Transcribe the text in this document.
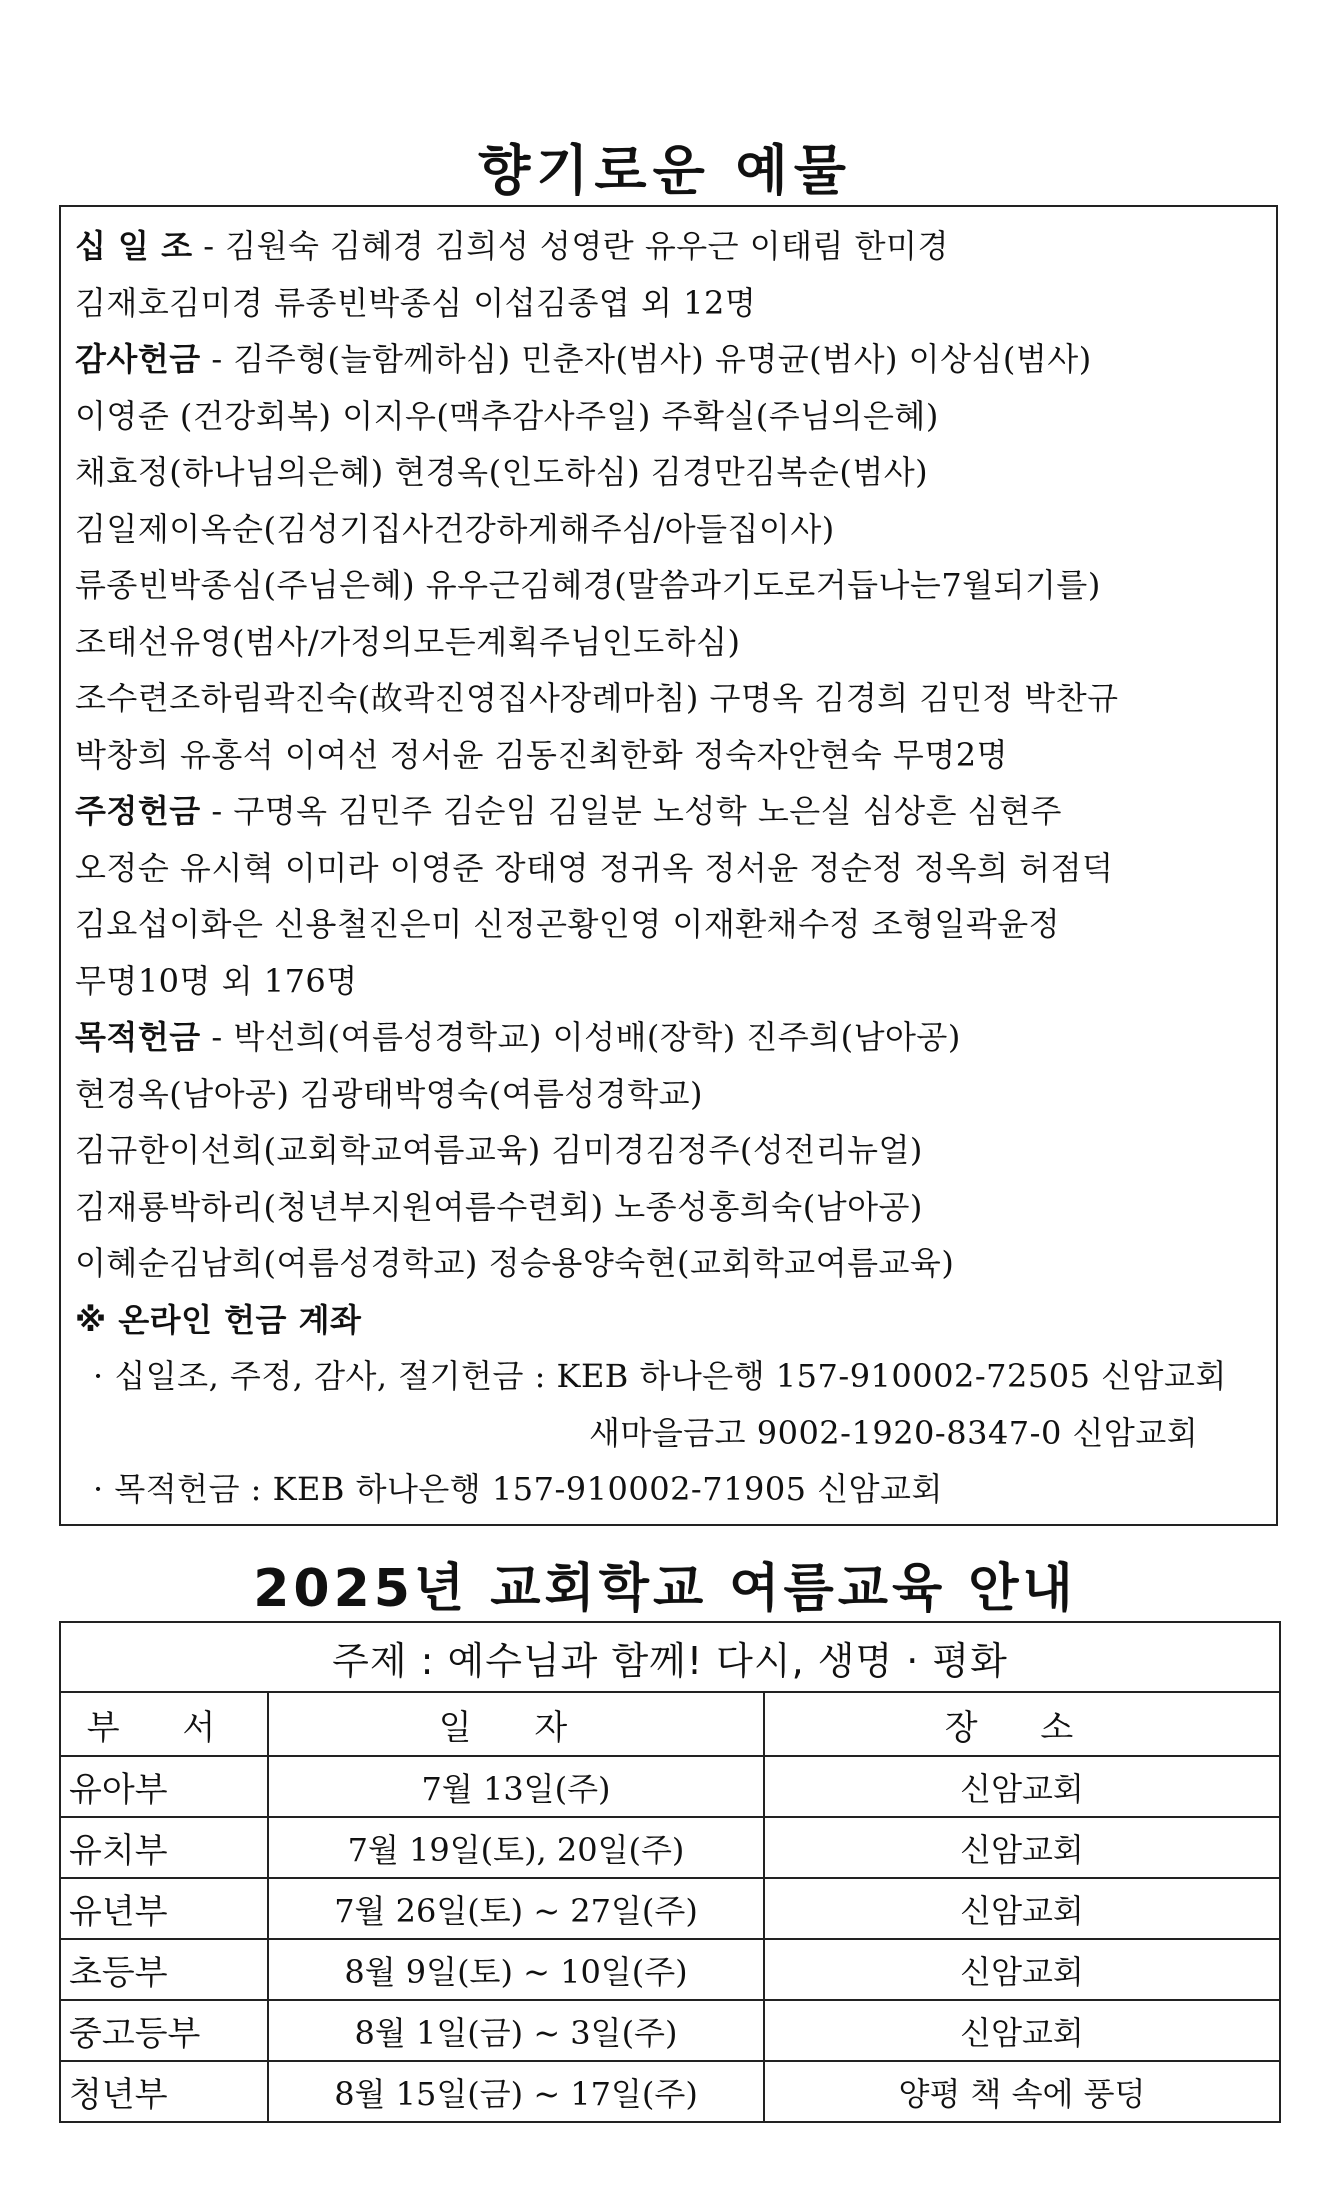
향기로운 예물
십 일 조 - 김원숙 김혜경 김희성 성영란 유우근 이태림 한미경
김재호김미경 류종빈박종심 이섭김종엽 외 12명
감사헌금 - 김주형(늘함께하심) 민춘자(범사) 유명균(범사) 이상심(범사)
이영준 (건강회복) 이지우(맥추감사주일) 주확실(주님의은혜)
채효정(하나님의은혜) 현경옥(인도하심) 김경만김복순(범사)
김일제이옥순(김성기집사건강하게해주심/아들집이사)
류종빈박종심(주님은혜) 유우근김혜경(말씀과기도로거듭나는7월되기를)
조태선유영(범사/가정의모든계획주님인도하심)
조수련조하림곽진숙(故곽진영집사장례마침) 구명옥 김경희 김민정 박찬규
박창희 유홍석 이여선 정서윤 김동진최한화 정숙자안현숙 무명2명
주정헌금 - 구명옥 김민주 김순임 김일분 노성학 노은실 심상흔 심현주
오정순 유시혁 이미라 이영준 장태영 정귀옥 정서윤 정순정 정옥희 허점덕
김요섭이화은 신용철진은미 신정곤황인영 이재환채수정 조형일곽윤정
무명10명 외 176명
목적헌금 - 박선희(여름성경학교) 이성배(장학) 진주희(남아공)
현경옥(남아공) 김광태박영숙(여름성경학교)
김규한이선희(교회학교여름교육) 김미경김정주(성전리뉴얼)
김재룡박하리(청년부지원여름수련회) 노종성홍희숙(남아공)
이혜순김남희(여름성경학교) 정승용양숙현(교회학교여름교육)
※ 온라인 헌금 계좌
· 십일조, 주정, 감사, 절기헌금 : KEB 하나은행 157-910002-72505 신암교회
새마을금고 9002-1920-8347-0 신암교회
· 목적헌금 : KEB 하나은행 157-910002-71905 신암교회
2025년 교회학교 여름교육 안내
주제 : 예수님과 함께! 다시, 생명 · 평화		
부 서	일 자	장 소
유아부	7월 13일(주)	신암교회
유치부	7월 19일(토), 20일(주)	신암교회
유년부	7월 26일(토) ~ 27일(주)	신암교회
초등부	8월 9일(토) ~ 10일(주)	신암교회
중고등부	8월 1일(금) ~ 3일(주)	신암교회
청년부	8월 15일(금) ~ 17일(주)	양평 책 속에 풍덩
